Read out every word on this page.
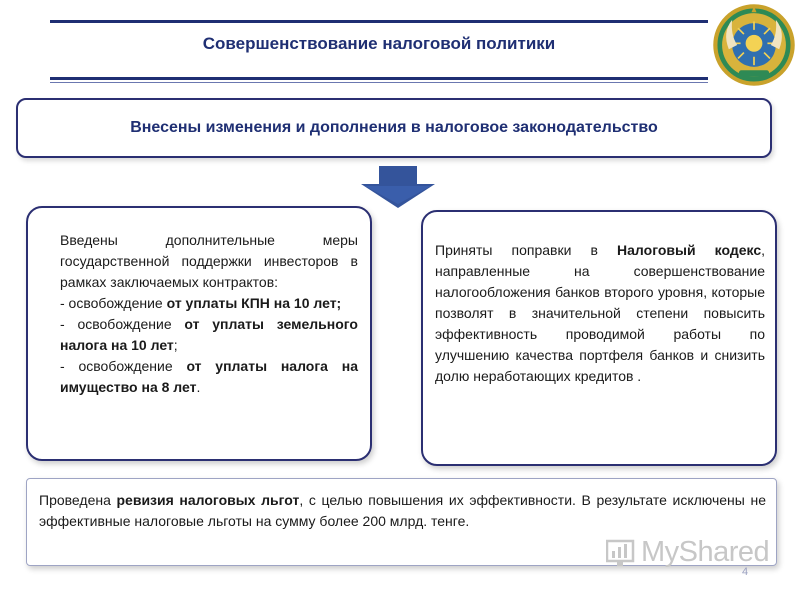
Совершенствование налоговой политики
Внесены изменения и дополнения в налоговое законодательство
Введены дополнительные меры государственной поддержки инвесторов в рамках заключаемых контрактов:
- освобождение от уплаты КПН на 10 лет;
- освобождение от уплаты земельного налога на 10 лет;
- освобождение от уплаты налога на имущество на 8 лет.
Приняты поправки в Налоговый кодекс, направленные на совершенствование налогообложения банков второго уровня, которые позволят в значительной степени повысить эффективность проводимой работы по улучшению качества портфеля банков и снизить долю неработающих кредитов .
Проведена ревизия налоговых льгот, с целью повышения их эффективности. В результате исключены не эффективные налоговые льготы на сумму более 200 млрд. тенге.
MyShared
4
